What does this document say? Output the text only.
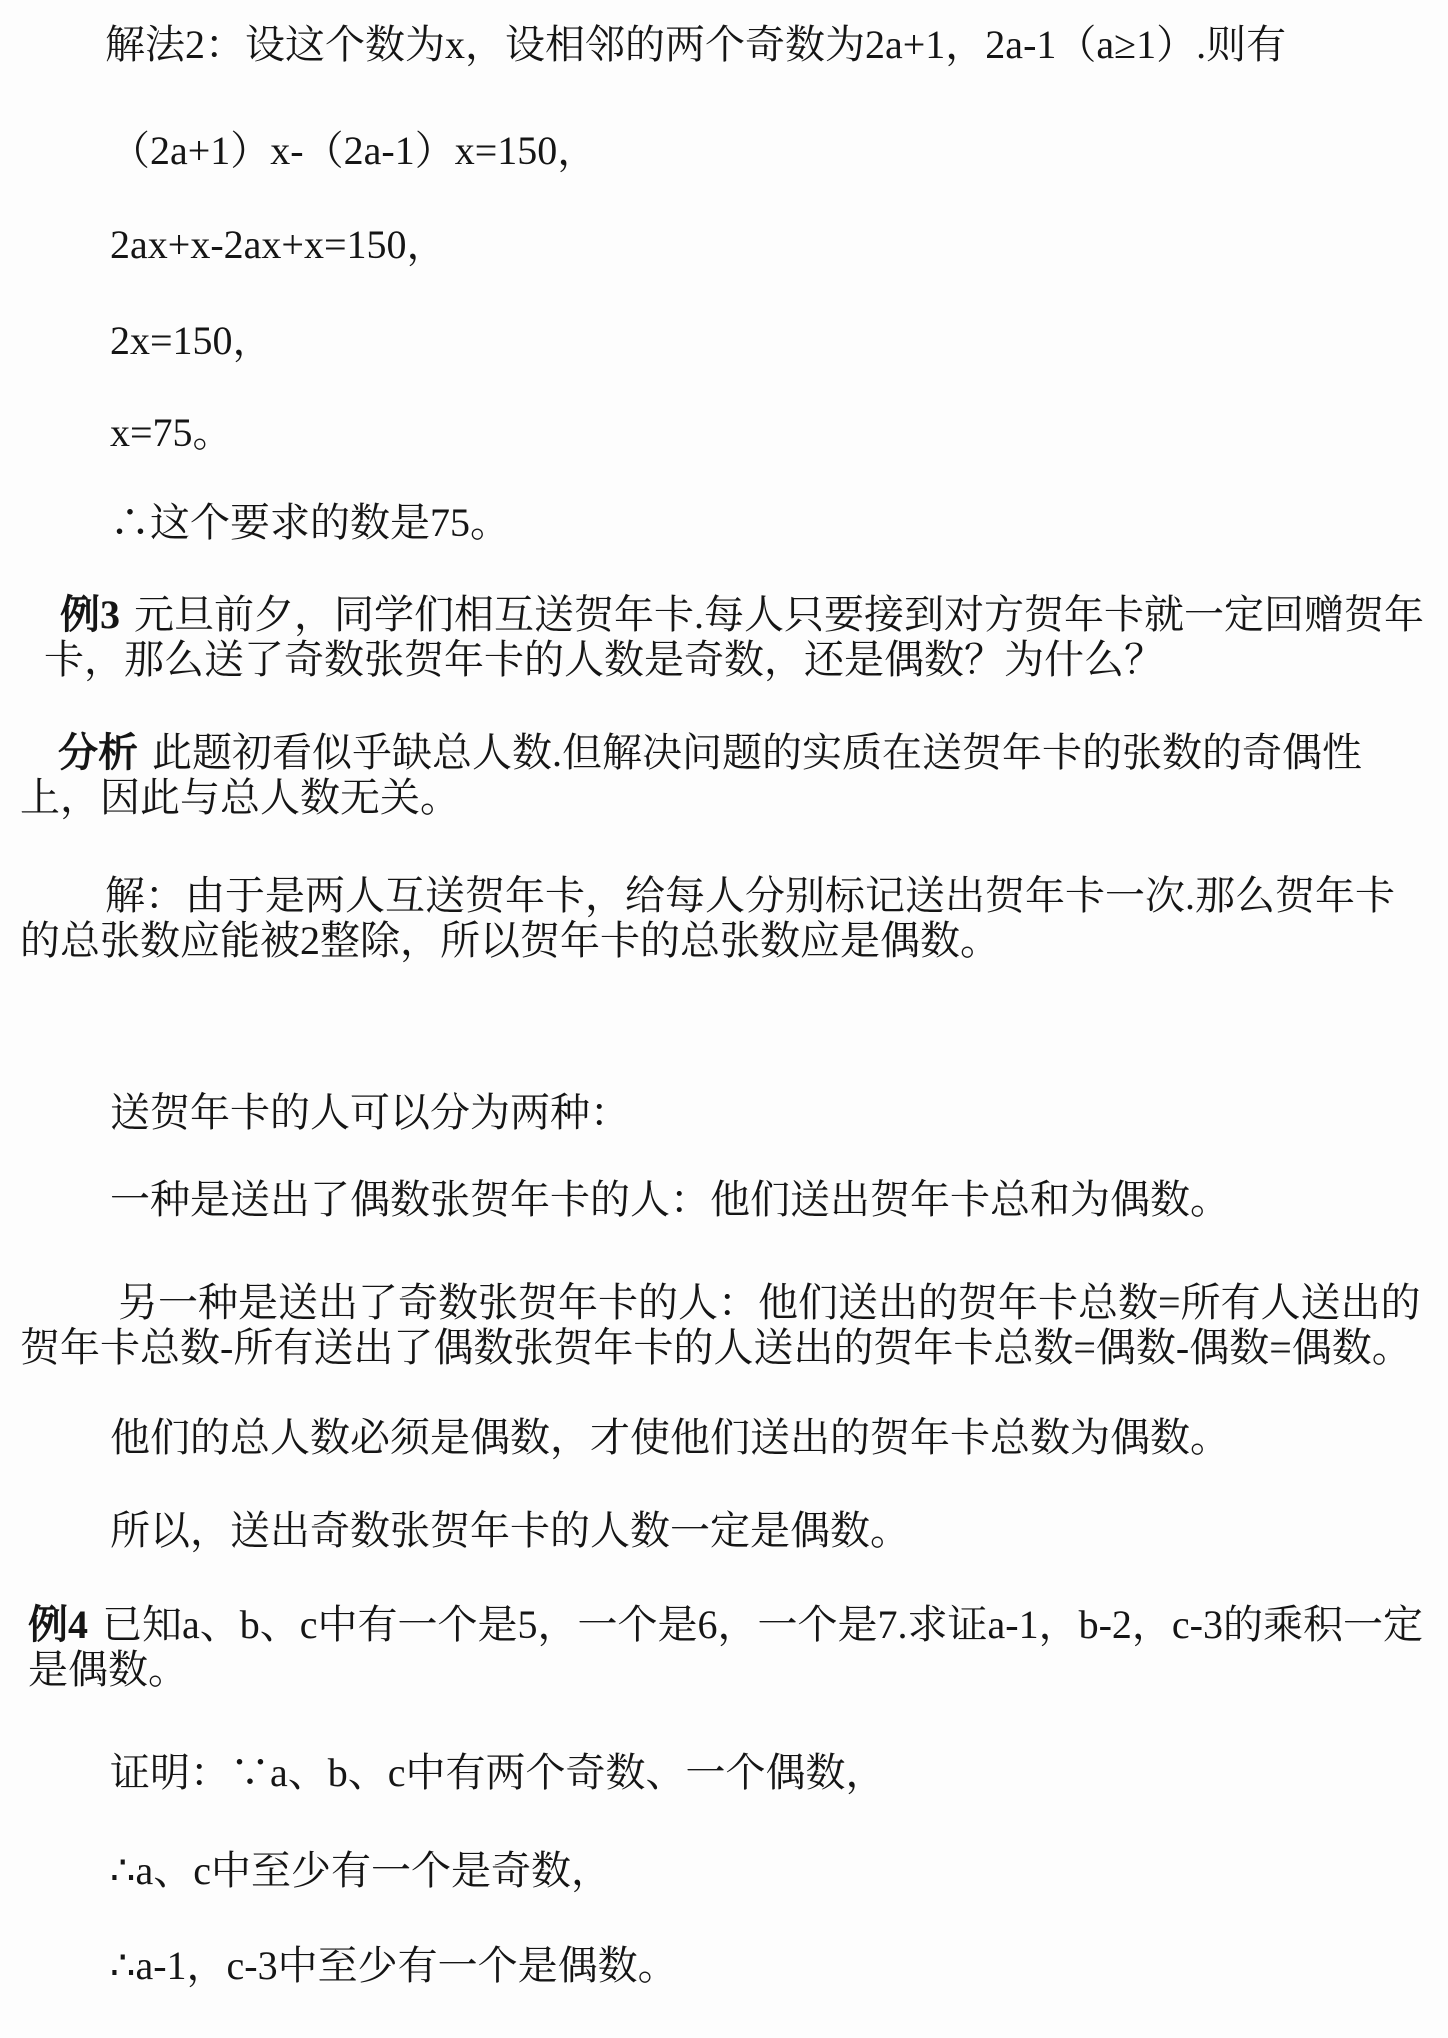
解法2：设这个数为x，设相邻的两个奇数为2a+1，2a-1（a≥1）.则有

（2a+1）x-（2a-1）x=150，

2ax+x-2ax+x=150，

2x=150，

x=75。

∴这个要求的数是75。

例3 元旦前夕，同学们相互送贺年卡.每人只要接到对方贺年卡就一定回赠贺年卡，那么送了奇数张贺年卡的人数是奇数，还是偶数？为什么？

分析 此题初看似乎缺总人数.但解决问题的实质在送贺年卡的张数的奇偶性上，因此与总人数无关。

解：由于是两人互送贺年卡，给每人分别标记送出贺年卡一次.那么贺年卡的总张数应能被2整除，所以贺年卡的总张数应是偶数。

送贺年卡的人可以分为两种：

一种是送出了偶数张贺年卡的人：他们送出贺年卡总和为偶数。

另一种是送出了奇数张贺年卡的人：他们送出的贺年卡总数=所有人送出的贺年卡总数-所有送出了偶数张贺年卡的人送出的贺年卡总数=偶数-偶数=偶数。

他们的总人数必须是偶数，才使他们送出的贺年卡总数为偶数。

所以，送出奇数张贺年卡的人数一定是偶数。

例4 已知a、b、c中有一个是5，一个是6，一个是7.求证a-1，b-2，c-3的乘积一定是偶数。

证明：∵a、b、c中有两个奇数、一个偶数，

∴a、c中至少有一个是奇数，

∴a-1，c-3中至少有一个是偶数。
